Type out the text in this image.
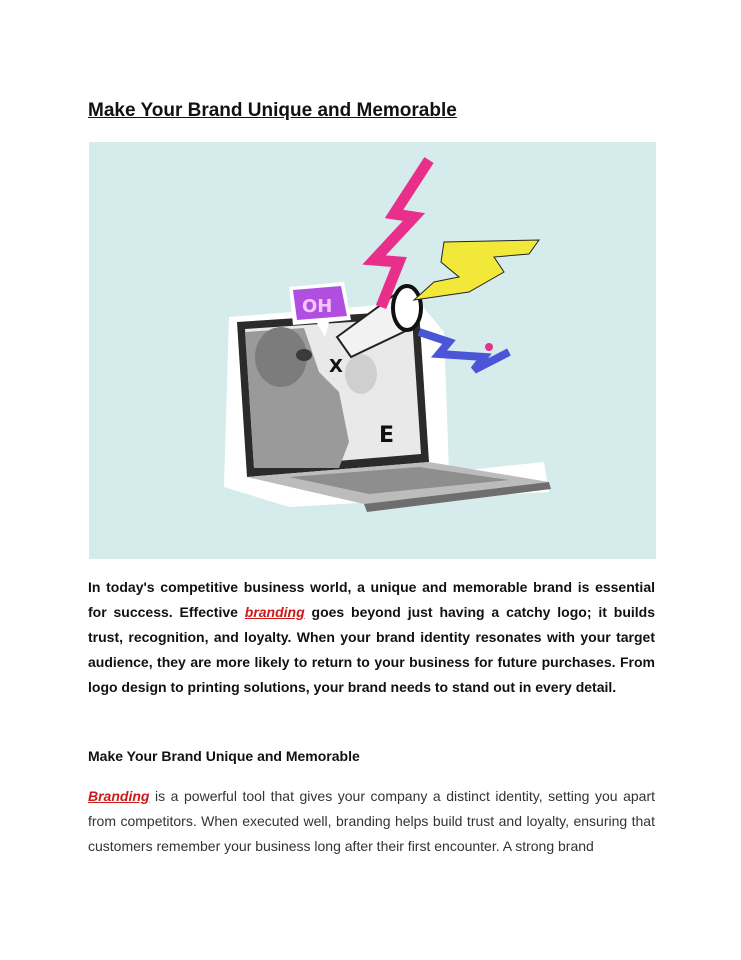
Make Your Brand Unique and Memorable
E
X
OH

In today's competitive business world, a unique and memorable brand is essential for success. Effective branding goes beyond just having a catchy logo; it builds trust, recognition, and loyalty. When your brand identity resonates with your target audience, they are more likely to return to your business for future purchases. From logo design to printing solutions, your brand needs to stand out in every detail.

Make Your Brand Unique and Memorable

Branding is a powerful tool that gives your company a distinct identity, setting you apart from competitors. When executed well, branding helps build trust and loyalty, ensuring that customers remember your business long after their first encounter. A strong brand
